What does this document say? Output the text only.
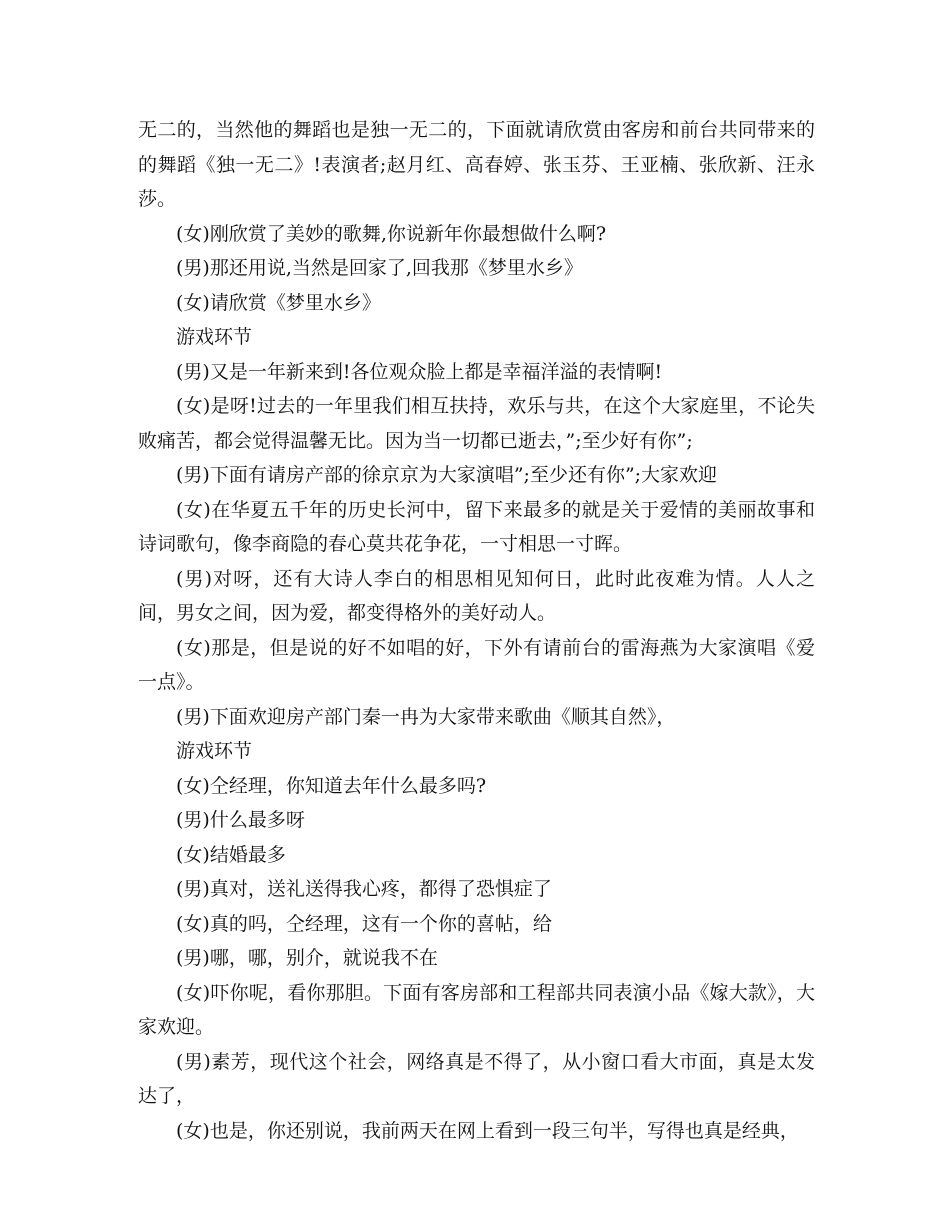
无二的，当然他的舞蹈也是独一无二的，下面就请欣赏由客房和前台共同带来的的舞蹈《独一无二》!表演者;赵月红、高春婷、张玉芬、王亚楠、张欣新、汪永莎。

(女)刚欣赏了美妙的歌舞,你说新年你最想做什么啊?

(男)那还用说,当然是回家了,回我那《梦里水乡》

(女)请欣赏《梦里水乡》

游戏环节

(男)又是一年新来到!各位观众脸上都是幸福洋溢的表情啊!

(女)是呀!过去的一年里我们相互扶持，欢乐与共，在这个大家庭里，不论失败痛苦，都会觉得温馨无比。因为当一切都已逝去，”;至少好有你”;

(男)下面有请房产部的徐京京为大家演唱”;至少还有你”;大家欢迎

(女)在华夏五千年的历史长河中，留下来最多的就是关于爱情的美丽故事和诗词歌句，像李商隐的春心莫共花争花，一寸相思一寸晖。

(男)对呀，还有大诗人李白的相思相见知何日，此时此夜难为情。人人之间，男女之间，因为爱，都变得格外的美好动人。

(女)那是，但是说的好不如唱的好，下外有请前台的雷海燕为大家演唱《爱一点》。

(男)下面欢迎房产部门秦一冉为大家带来歌曲《顺其自然》，

游戏环节

(女)仝经理，你知道去年什么最多吗?

(男)什么最多呀

(女)结婚最多

(男)真对，送礼送得我心疼，都得了恐惧症了

(女)真的吗，仝经理，这有一个你的喜帖，给

(男)哪，哪，别介，就说我不在

(女)吓你呢，看你那胆。下面有客房部和工程部共同表演小品《嫁大款》，大家欢迎。

(男)素芳，现代这个社会，网络真是不得了，从小窗口看大市面，真是太发达了，

(女)也是，你还别说，我前两天在网上看到一段三句半，写得也真是经典，
